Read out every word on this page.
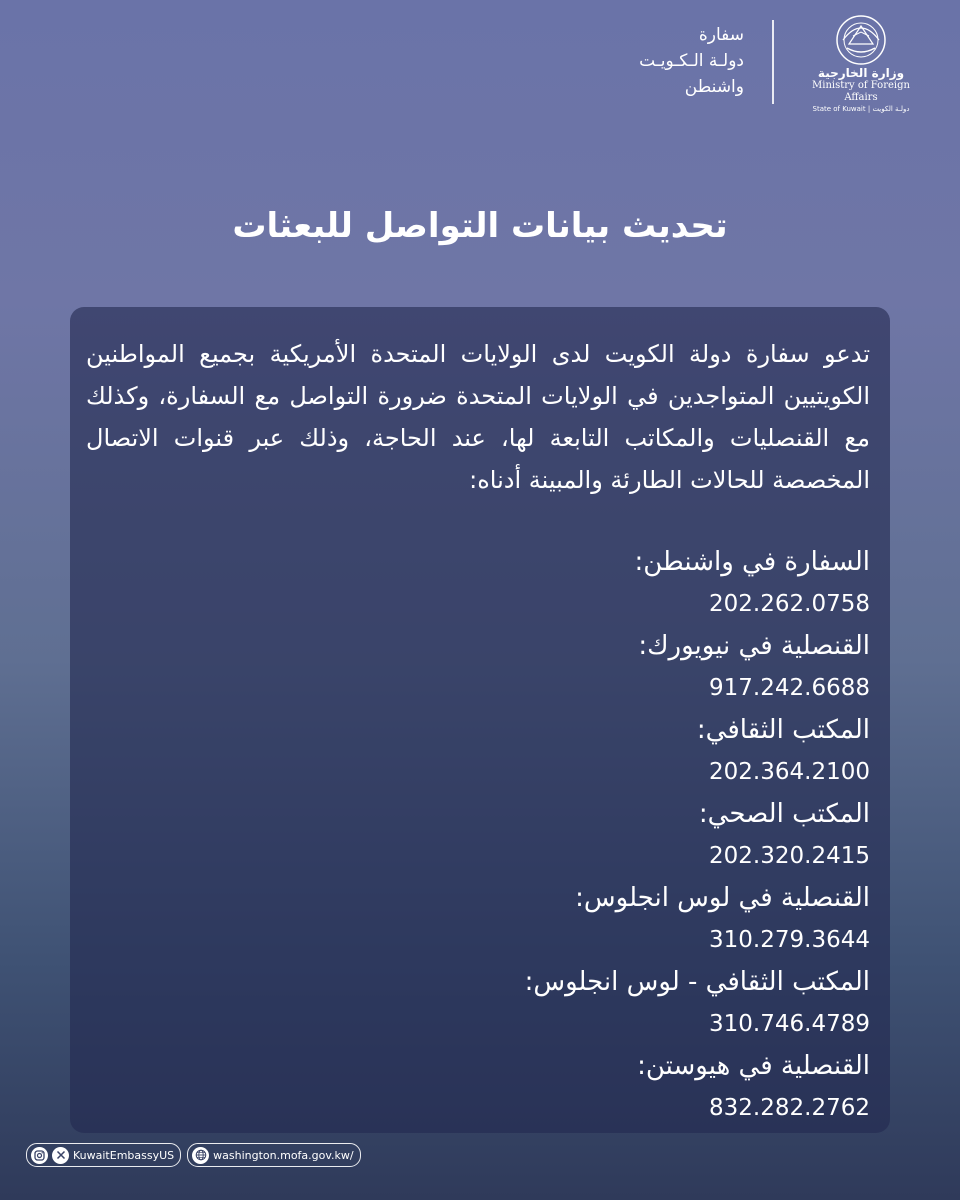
وزارة الخارجية
Ministry of Foreign Affairs
State of Kuwait | دولـة الكويت
سفارة
دولـة الـكـويـت
واشنطن
تحديث بيانات التواصل للبعثات
تدعو سفارة دولة الكويت لدى الولايات المتحدة الأمريكية بجميع المواطنين الكويتيين المتواجدين في الولايات المتحدة ضرورة التواصل مع السفارة، وكذلك مع القنصليات والمكاتب التابعة لها، عند الحاجة، وذلك عبر قنوات الاتصال المخصصة للحالات الطارئة والمبينة أدناه:
السفارة في واشنطن:
202.262.0758
القنصلية في نيويورك:
917.242.6688
المكتب الثقافي:
202.364.2100
المكتب الصحي:
202.320.2415
القنصلية في لوس انجلوس:
310.279.3644
المكتب الثقافي - لوس انجلوس:
310.746.4789
القنصلية في هيوستن:
832.282.2762
KuwaitEmbassyUS	washington.mofa.gov.kw/
